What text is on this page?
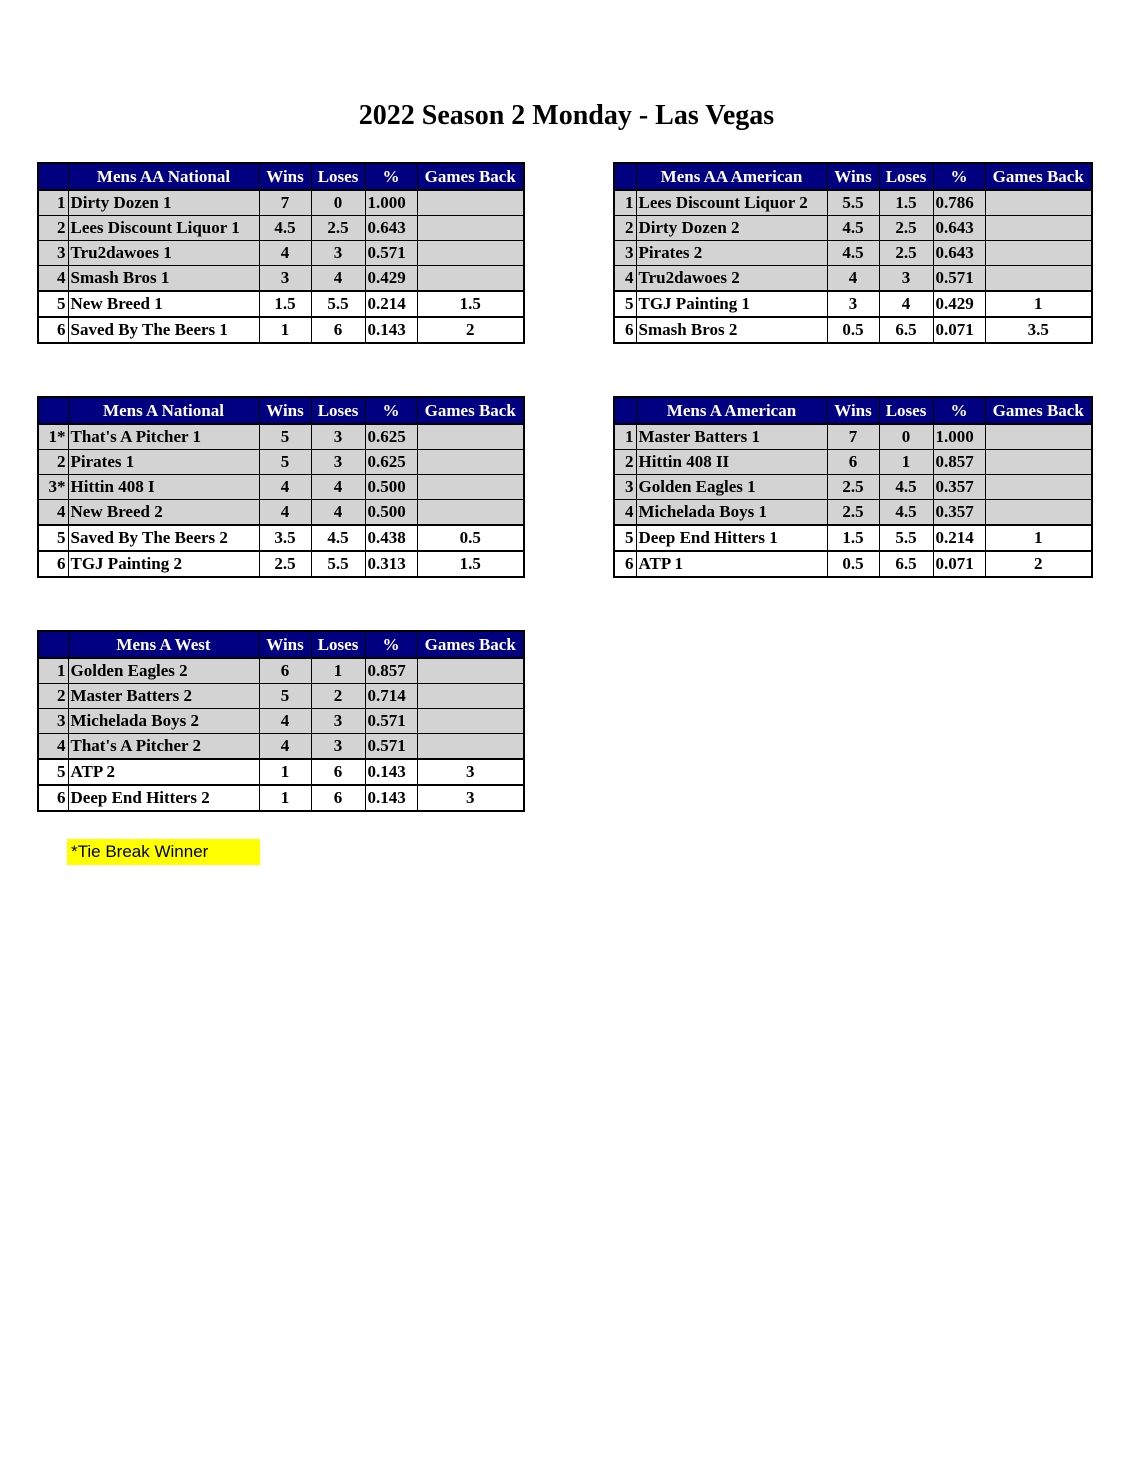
2022 Season 2 Monday - Las Vegas
	Mens AA National	Wins	Loses	%	Games Back
1	Dirty Dozen 1	7	0	1.000	
2	Lees Discount Liquor 1	4.5	2.5	0.643	
3	Tru2dawoes 1	4	3	0.571	
4	Smash Bros 1	3	4	0.429	
5	New Breed 1	1.5	5.5	0.214	1.5
6	Saved By The Beers 1	1	6	0.143	2
	Mens AA American	Wins	Loses	%	Games Back
1	Lees Discount Liquor 2	5.5	1.5	0.786	
2	Dirty Dozen 2	4.5	2.5	0.643	
3	Pirates 2	4.5	2.5	0.643	
4	Tru2dawoes 2	4	3	0.571	
5	TGJ Painting 1	3	4	0.429	1
6	Smash Bros 2	0.5	6.5	0.071	3.5
	Mens A National	Wins	Loses	%	Games Back
1*	That's A Pitcher 1	5	3	0.625	
2	Pirates 1	5	3	0.625	
3*	Hittin 408 I	4	4	0.500	
4	New Breed 2	4	4	0.500	
5	Saved By The Beers 2	3.5	4.5	0.438	0.5
6	TGJ Painting 2	2.5	5.5	0.313	1.5
	Mens A American	Wins	Loses	%	Games Back
1	Master Batters 1	7	0	1.000	
2	Hittin 408 II	6	1	0.857	
3	Golden Eagles 1	2.5	4.5	0.357	
4	Michelada Boys 1	2.5	4.5	0.357	
5	Deep End Hitters 1	1.5	5.5	0.214	1
6	ATP 1	0.5	6.5	0.071	2
	Mens A West	Wins	Loses	%	Games Back
1	Golden Eagles 2	6	1	0.857	
2	Master Batters 2	5	2	0.714	
3	Michelada Boys 2	4	3	0.571	
4	That's A Pitcher 2	4	3	0.571	
5	ATP 2	1	6	0.143	3
6	Deep End Hitters 2	1	6	0.143	3
*Tie Break Winner
